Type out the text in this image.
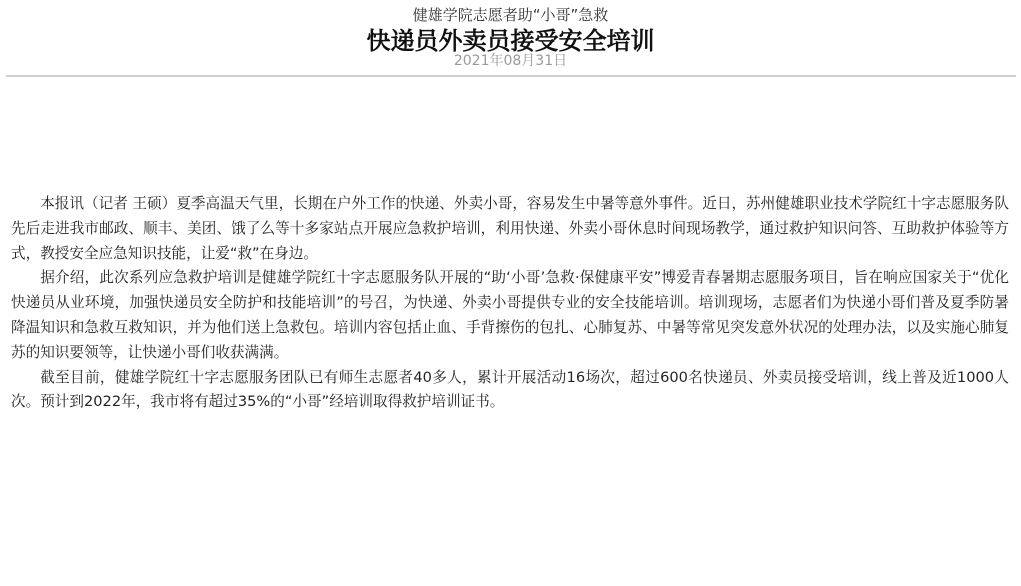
健雄学院志愿者助“小哥”急救
快递员外卖员接受安全培训
2021年08月31日

本报讯（记者 王硕）夏季高温天气里，长期在户外工作的快递、外卖小哥，容易发生中暑等意外事件。近日，苏州健雄职业技术学院红十字志愿服务队先后走进我市邮政、顺丰、美团、饿了么等十多家站点开展应急救护培训，利用快递、外卖小哥休息时间现场教学，通过救护知识问答、互助救护体验等方式，教授安全应急知识技能，让爱“救”在身边。

据介绍，此次系列应急救护培训是健雄学院红十字志愿服务队开展的“助‘小哥’急救·保健康平安”博爱青春暑期志愿服务项目，旨在响应国家关于“优化快递员从业环境，加强快递员安全防护和技能培训”的号召，为快递、外卖小哥提供专业的安全技能培训。培训现场，志愿者们为快递小哥们普及夏季防暑降温知识和急救互救知识，并为他们送上急救包。培训内容包括止血、手背擦伤的包扎、心肺复苏、中暑等常见突发意外状况的处理办法，以及实施心肺复苏的知识要领等，让快递小哥们收获满满。

截至目前，健雄学院红十字志愿服务团队已有师生志愿者40多人，累计开展活动16场次，超过600名快递员、外卖员接受培训，线上普及近1000人次。预计到2022年，我市将有超过35%的“小哥”经培训取得救护培训证书。
